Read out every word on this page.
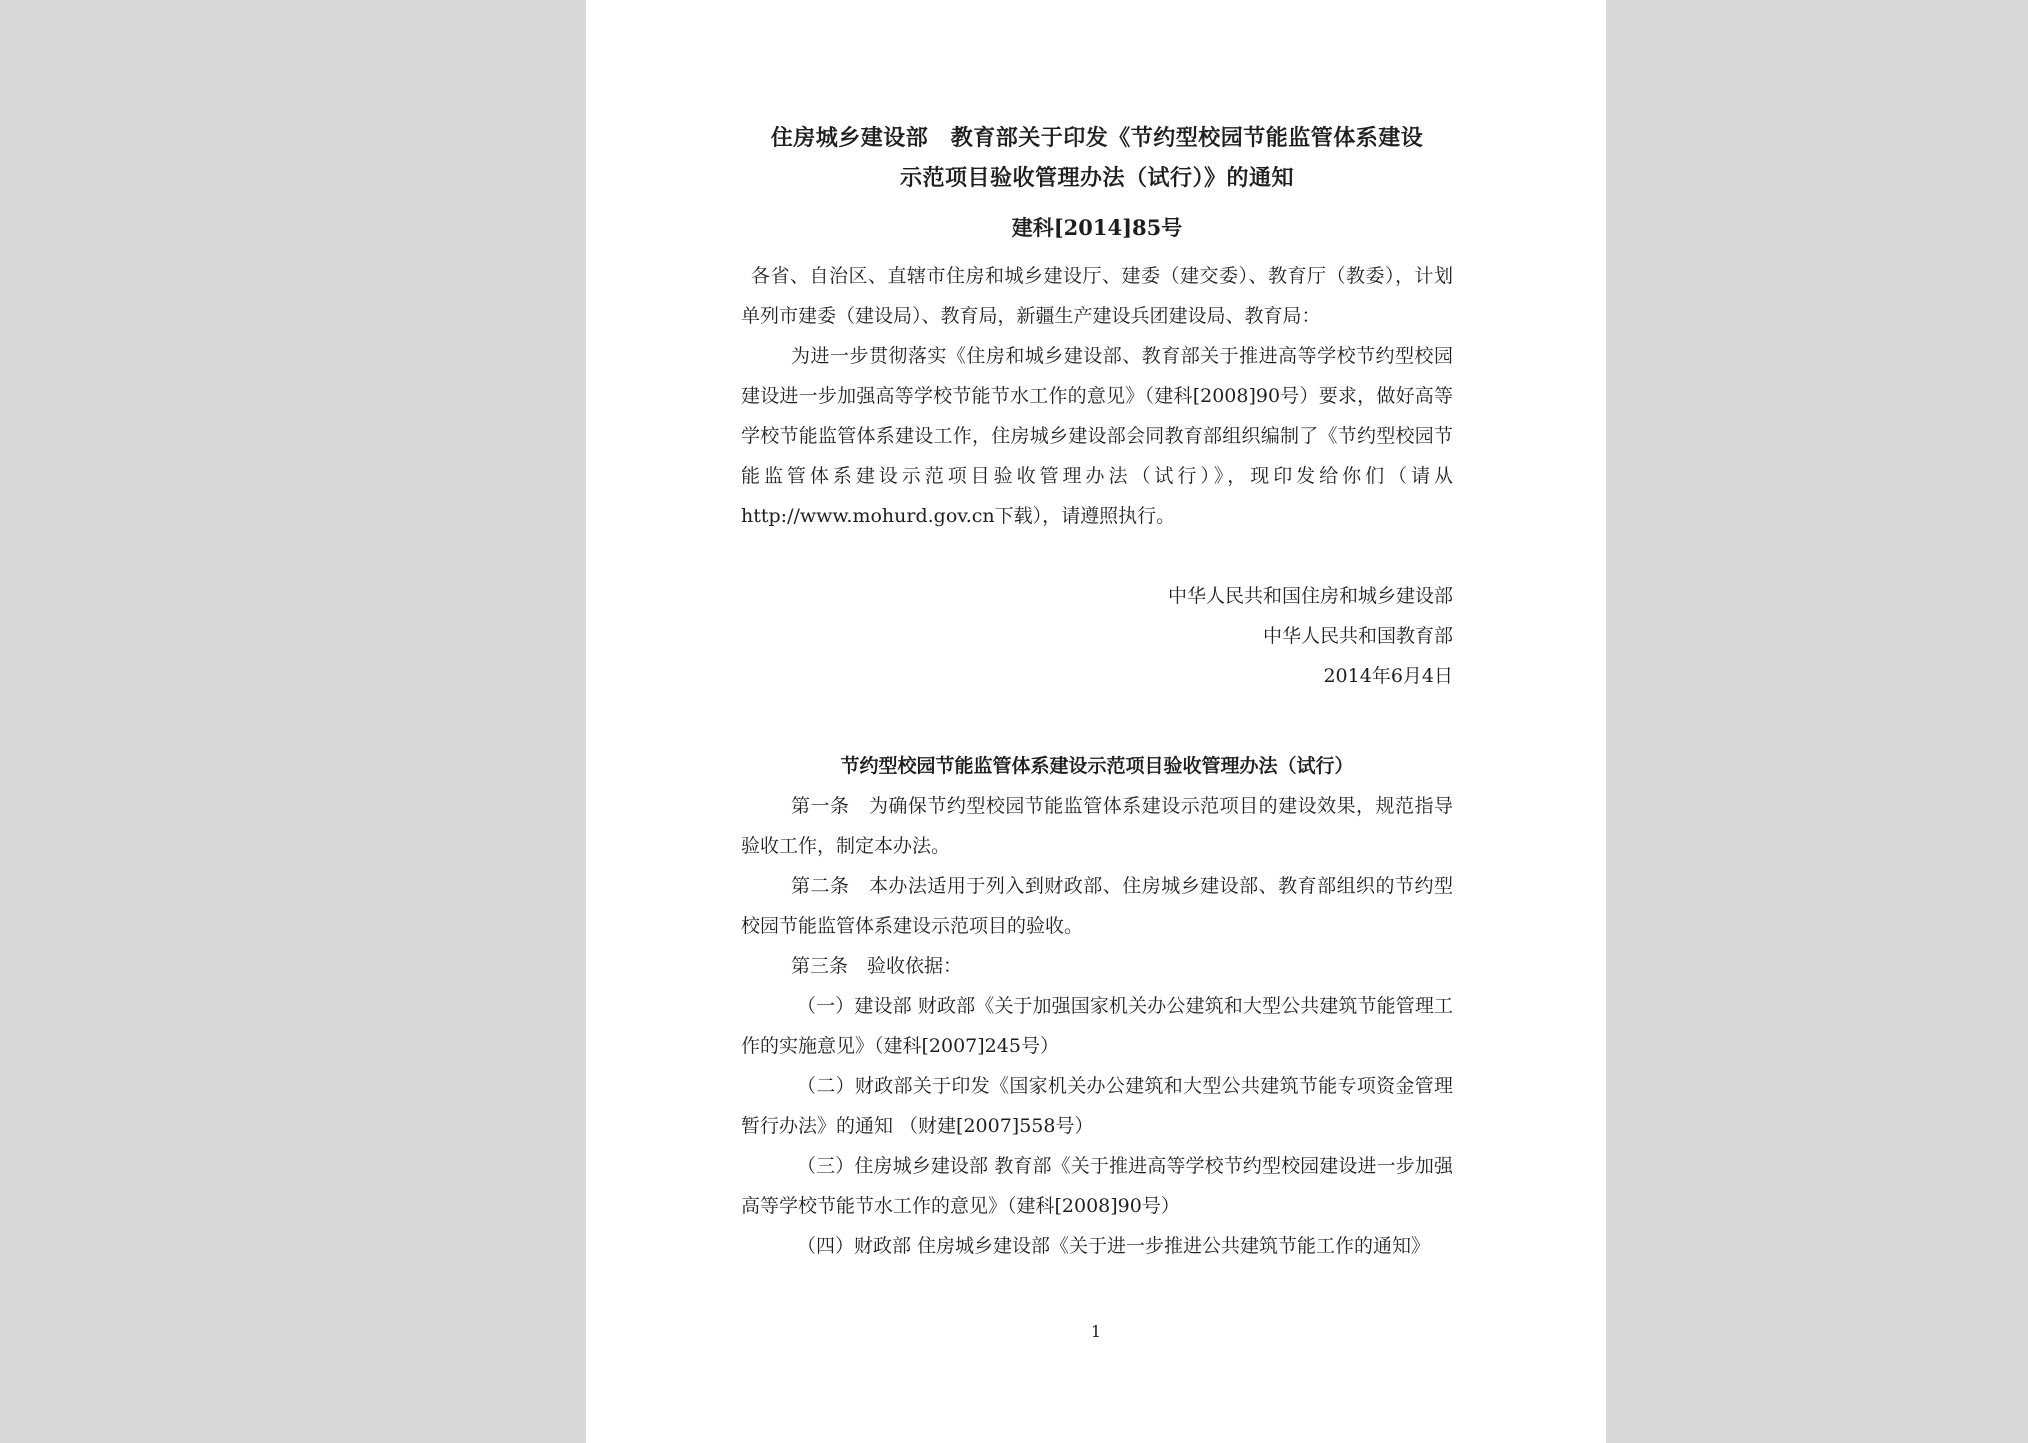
住房城乡建设部　教育部关于印发《节约型校园节能监管体系建设
示范项目验收管理办法（试行）》的通知
建科[2014]85号

各省、自治区、直辖市住房和城乡建设厅、建委（建交委）、教育厅（教委），计划单列市建委（建设局）、教育局，新疆生产建设兵团建设局、教育局：

为进一步贯彻落实《住房和城乡建设部、教育部关于推进高等学校节约型校园建设进一步加强高等学校节能节水工作的意见》（建科[2008]90号）要求，做好高等学校节能监管体系建设工作，住房城乡建设部会同教育部组织编制了《节约型校园节能监管体系建设示范项目验收管理办法（试行）》，现印发给你们（请从http://www.mohurd.gov.cn下载），请遵照执行。

中华人民共和国住房和城乡建设部
中华人民共和国教育部
2014年6月4日
节约型校园节能监管体系建设示范项目验收管理办法（试行）

第一条　为确保节约型校园节能监管体系建设示范项目的建设效果，规范指导验收工作，制定本办法。

第二条　本办法适用于列入到财政部、住房城乡建设部、教育部组织的节约型校园节能监管体系建设示范项目的验收。

第三条　验收依据：

（一）建设部 财政部《关于加强国家机关办公建筑和大型公共建筑节能管理工作的实施意见》（建科[2007]245号）

（二）财政部关于印发《国家机关办公建筑和大型公共建筑节能专项资金管理暂行办法》的通知 （财建[2007]558号）

（三）住房城乡建设部 教育部《关于推进高等学校节约型校园建设进一步加强高等学校节能节水工作的意见》（建科[2008]90号）

（四）财政部 住房城乡建设部《关于进一步推进公共建筑节能工作的通知》

1
